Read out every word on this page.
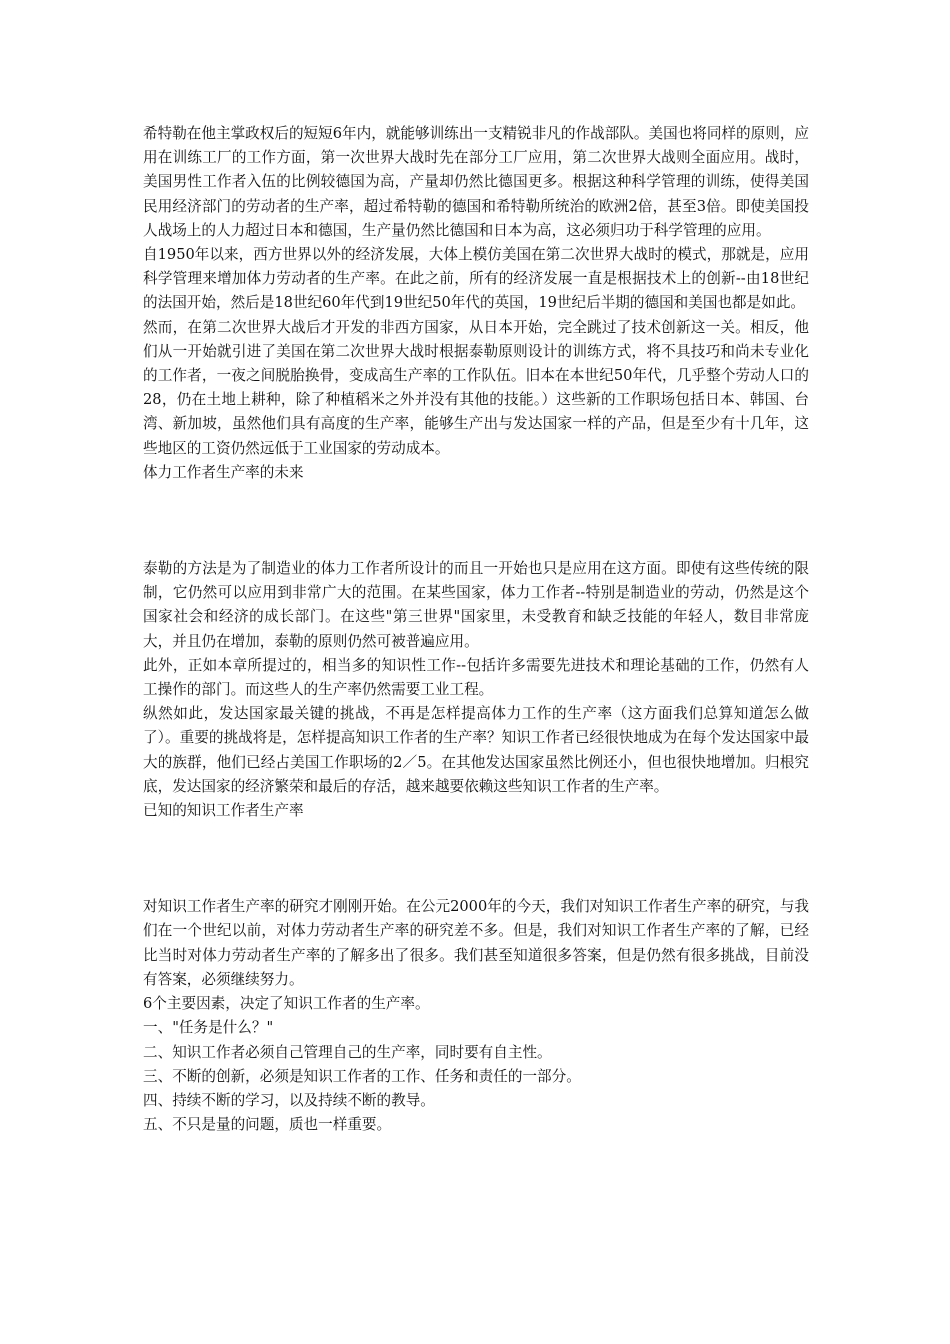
希特勒在他主掌政权后的短短6年内，就能够训练出一支精锐非凡的作战部队。美国也将同样的原则，应用在训练工厂的工作方面，第一次世界大战时先在部分工厂应用，第二次世界大战则全面应用。战时，美国男性工作者入伍的比例较德国为高，产量却仍然比德国更多。根据这种科学管理的训练，使得美国民用经济部门的劳动者的生产率，超过希特勒的德国和希特勒所统治的欧洲2倍，甚至3倍。即使美国投人战场上的人力超过日本和德国，生产量仍然比德国和日本为高，这必须归功于科学管理的应用。

自1950年以来，西方世界以外的经济发展，大体上模仿美国在第二次世界大战时的模式，那就是，应用科学管理来增加体力劳动者的生产率。在此之前，所有的经济发展一直是根据技术上的创新--由18世纪的法国开始，然后是18世纪60年代到19世纪50年代的英国，19世纪后半期的德国和美国也都是如此。

然而，在第二次世界大战后才开发的非西方国家，从日本开始，完全跳过了技术创新这一关。相反，他们从一开始就引进了美国在第二次世界大战时根据泰勒原则设计的训练方式，将不具技巧和尚未专业化的工作者，一夜之间脱胎换骨，变成高生产率的工作队伍。旧本在本世纪50年代，几乎整个劳动人口的28，仍在土地上耕种，除了种植稻米之外并没有其他的技能。）这些新的工作职场包括日本、韩国、台湾、新加坡，虽然他们具有高度的生产率，能够生产出与发达国家一样的产品，但是至少有十几年，这些地区的工资仍然远低于工业国家的劳动成本。

体力工作者生产率的未来

泰勒的方法是为了制造业的体力工作者所设计的而且一开始也只是应用在这方面。即使有这些传统的限制，它仍然可以应用到非常广大的范围。在某些国家，体力工作者--特别是制造业的劳动，仍然是这个国家社会和经济的成长部门。在这些"第三世界"国家里，未受教育和缺乏技能的年轻人，数目非常庞大，并且仍在增加，泰勒的原则仍然可被普遍应用。

此外，正如本章所提过的，相当多的知识性工作--包括许多需要先进技术和理论基础的工作，仍然有人工操作的部门。而这些人的生产率仍然需要工业工程。

纵然如此，发达国家最关键的挑战，不再是怎样提高体力工作的生产率（这方面我们总算知道怎么做了）。重要的挑战将是，怎样提高知识工作者的生产率？知识工作者已经很快地成为在每个发达国家中最大的族群，他们已经占美国工作职场的2／5。在其他发达国家虽然比例还小，但也很快地增加。归根究底，发达国家的经济繁荣和最后的存活，越来越要依赖这些知识工作者的生产率。

已知的知识工作者生产率

对知识工作者生产率的研究才刚刚开始。在公元2000年的今天，我们对知识工作者生产率的研究，与我们在一个世纪以前，对体力劳动者生产率的研究差不多。但是，我们对知识工作者生产率的了解，已经比当时对体力劳动者生产率的了解多出了很多。我们甚至知道很多答案，但是仍然有很多挑战，目前没有答案，必须继续努力。

6个主要因素，决定了知识工作者的生产率。

一、"任务是什么？"

二、知识工作者必须自己管理自己的生产率，同时要有自主性。

三、不断的创新，必须是知识工作者的工作、任务和责任的一部分。

四、持续不断的学习，以及持续不断的教导。

五、不只是量的问题，质也一样重要。
